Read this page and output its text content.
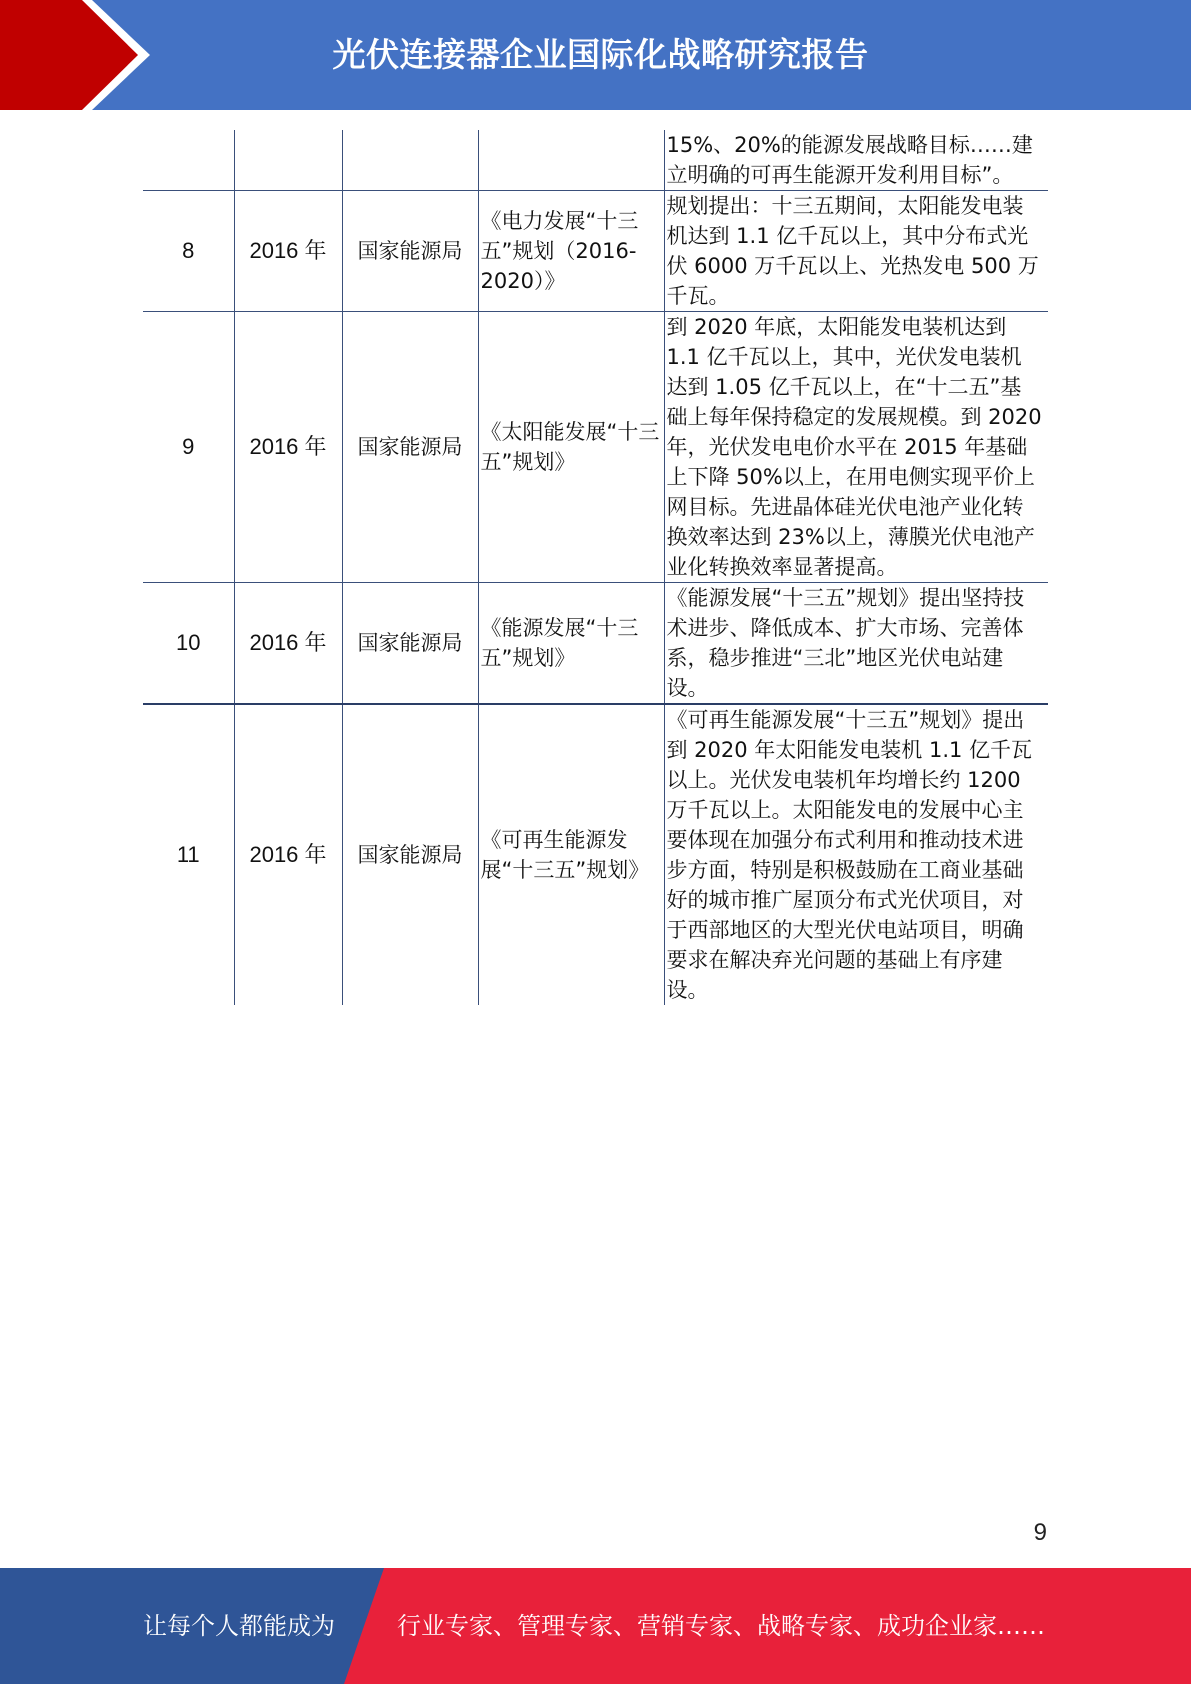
光伏连接器企业国际化战略研究报告
				15%、20%的能源发展战略目标……建立明确的可再生能源开发利用目标”。
8	2016 年	国家能源局	《电力发展“十三五”规划（2016-2020）》	规划提出：十三五期间，太阳能发电装机达到 1.1 亿千瓦以上，其中分布式光伏 6000 万千瓦以上、光热发电 500 万千瓦。
9	2016 年	国家能源局	《太阳能发展“十三五”规划》	到 2020 年底，太阳能发电装机达到 1.1 亿千瓦以上，其中，光伏发电装机达到 1.05 亿千瓦以上，在“十二五”基础上每年保持稳定的发展规模。到 2020 年，光伏发电电价水平在 2015 年基础上下降 50%以上，在用电侧实现平价上网目标。先进晶体硅光伏电池产业化转换效率达到 23%以上，薄膜光伏电池产业化转换效率显著提高。
10	2016 年	国家能源局	《能源发展“十三五”规划》	《能源发展“十三五”规划》提出坚持技术进步、降低成本、扩大市场、完善体系，稳步推进“三北”地区光伏电站建设。
11	2016 年	国家能源局	《可再生能源发展“十三五”规划》	《可再生能源发展“十三五”规划》提出到 2020 年太阳能发电装机 1.1 亿千瓦以上。光伏发电装机年均增长约 1200 万千瓦以上。太阳能发电的发展中心主要体现在加强分布式利用和推动技术进步方面，特别是积极鼓励在工商业基础好的城市推广屋顶分布式光伏项目，对于西部地区的大型光伏电站项目，明确要求在解决弃光问题的基础上有序建设。
9
让每个人都能成为	行业专家、管理专家、营销专家、战略专家、成功企业家……
